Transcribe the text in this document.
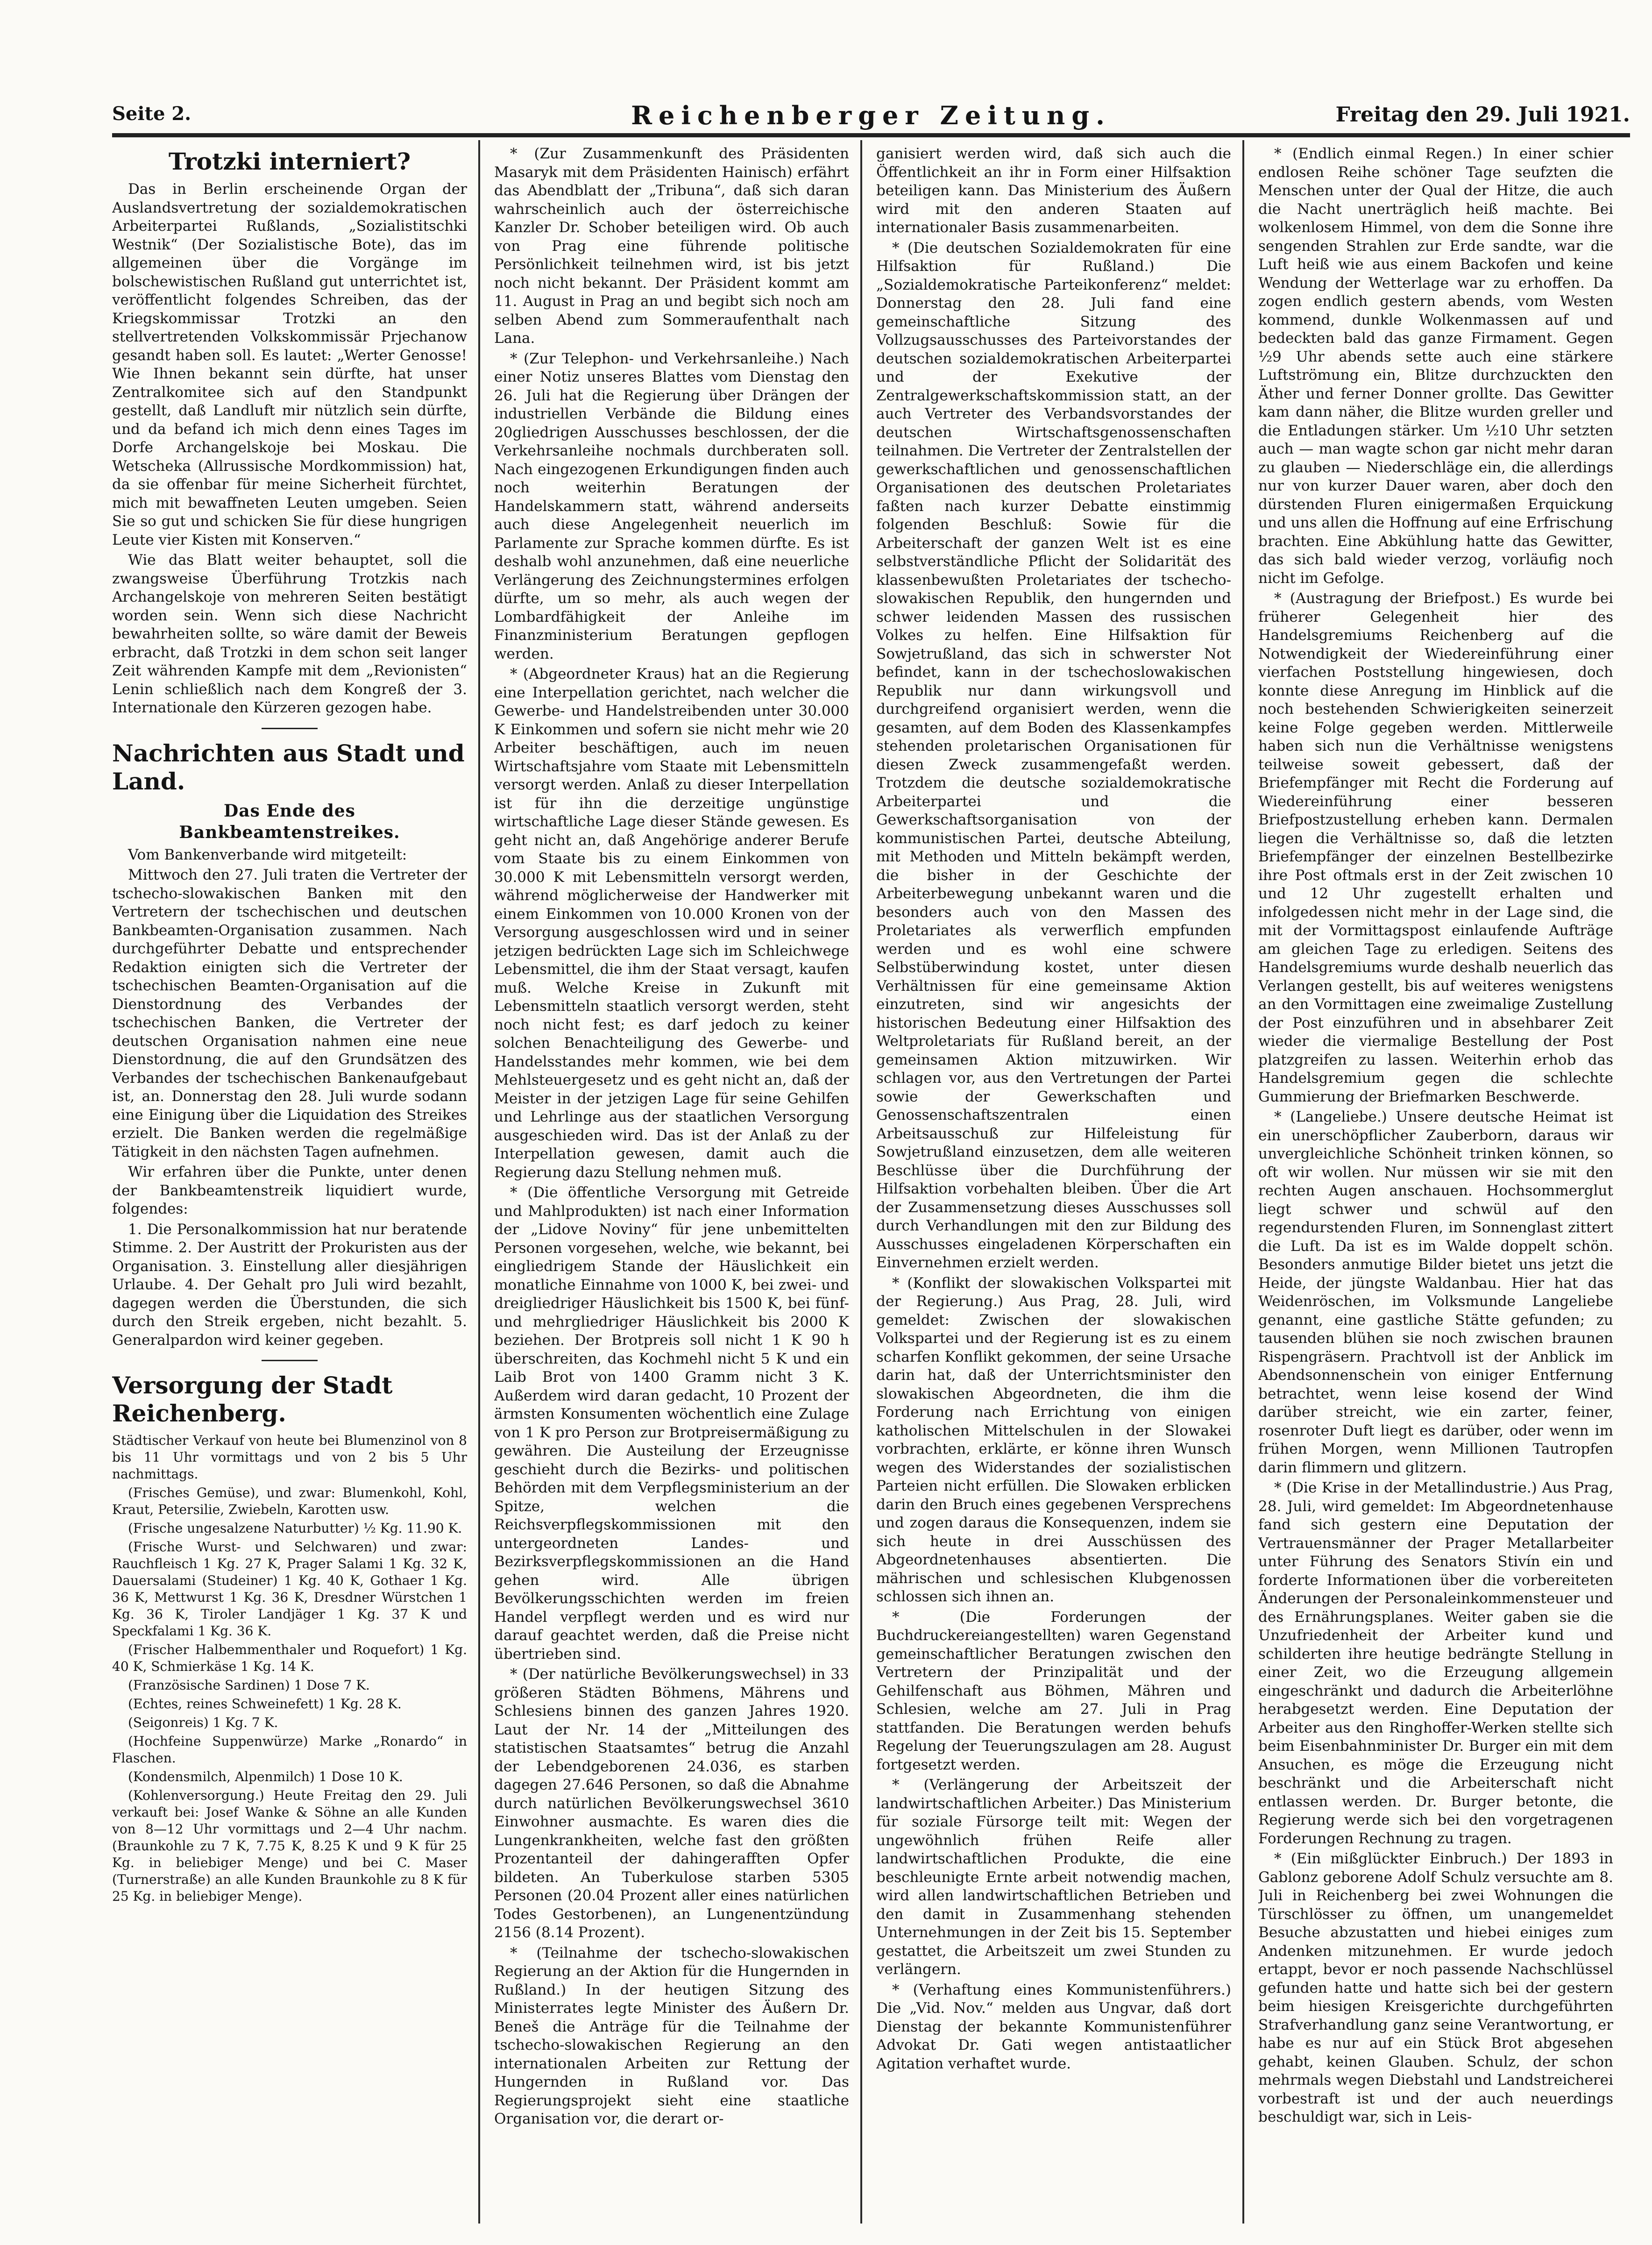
Seite 2.	Reichenberger Zeitung.	Freitag den 29. Juli 1921.
Trotzki interniert?

Das in Berlin erscheinende Organ der Auslandsvertretung der sozialdemokratischen Arbeiterpartei Rußlands, „Sozialistitschki Westnik“ (Der Sozialistische Bote), das im allgemeinen über die Vorgänge im bolschewistischen Rußland gut unterrichtet ist, veröffentlicht folgendes Schreiben, das der Kriegskommissar Trotzki an den stellvertretenden Volkskommissär Prjechanow gesandt haben soll. Es lautet: „Werter Genosse! Wie Ihnen bekannt sein dürfte, hat unser Zentralkomitee sich auf den Standpunkt gestellt, daß Landluft mir nützlich sein dürfte, und da befand ich mich denn eines Tages im Dorfe Archangelskoje bei Moskau. Die Wetscheka (Allrussische Mordkommission) hat, da sie offenbar für meine Sicherheit fürchtet, mich mit bewaffneten Leuten umgeben. Seien Sie so gut und schicken Sie für diese hungrigen Leute vier Kisten mit Konserven.“

Wie das Blatt weiter behauptet, soll die zwangsweise Überführung Trotzkis nach Archangelskoje von mehreren Seiten bestätigt worden sein. Wenn sich diese Nachricht bewahrheiten sollte, so wäre damit der Beweis erbracht, daß Trotzki in dem schon seit langer Zeit währenden Kampfe mit dem „Revionisten“ Lenin schließlich nach dem Kongreß der 3. Internationale den Kürzeren gezogen habe.

Nachrichten aus Stadt und Land.
Das Ende des Bankbeamtenstreikes.

Vom Bankenverbande wird mitgeteilt:

Mittwoch den 27. Juli traten die Vertreter der tschecho-slowakischen Banken mit den Vertretern der tschechischen und deutschen Bankbeamten-Organisation zusammen. Nach durchgeführter Debatte und entsprechender Redaktion einigten sich die Vertreter der tschechischen Beamten-Organisation auf die Dienstordnung des Verbandes der tschechischen Banken, die Vertreter der deutschen Organisation nahmen eine neue Dienstordnung, die auf den Grundsätzen des Verbandes der tschechischen Bankenaufgebaut ist, an. Donnerstag den 28. Juli wurde sodann eine Einigung über die Liquidation des Streikes erzielt. Die Banken werden die regelmäßige Tätigkeit in den nächsten Tagen aufnehmen.

Wir erfahren über die Punkte, unter denen der Bankbeamtenstreik liquidiert wurde, folgendes:

1. Die Personalkommission hat nur beratende Stimme. 2. Der Austritt der Prokuristen aus der Organisation. 3. Einstellung aller diesjährigen Urlaube. 4. Der Gehalt pro Juli wird bezahlt, dagegen werden die Überstunden, die sich durch den Streik ergeben, nicht bezahlt. 5. Generalpardon wird keiner gegeben.

Versorgung der Stadt Reichenberg.

Städtischer Verkauf von heute bei Blumenzinol von 8 bis 11 Uhr vormittags und von 2 bis 5 Uhr nachmittags.

(Frisches Gemüse), und zwar: Blumenkohl, Kohl, Kraut, Petersilie, Zwiebeln, Karotten usw.

(Frische ungesalzene Naturbutter) ½ Kg. 11.90 K.

(Frische Wurst- und Selchwaren) und zwar: Rauchfleisch 1 Kg. 27 K, Prager Salami 1 Kg. 32 K, Dauersalami (Studeiner) 1 Kg. 40 K, Gothaer 1 Kg. 36 K, Mettwurst 1 Kg. 36 K, Dresdner Würstchen 1 Kg. 36 K, Tiroler Landjäger 1 Kg. 37 K und Speckfalami 1 Kg. 36 K.

(Frischer Halbemmenthaler und Roquefort) 1 Kg. 40 K, Schmierkäse 1 Kg. 14 K.

(Französische Sardinen) 1 Dose 7 K.

(Echtes, reines Schweinefett) 1 Kg. 28 K.

(Seigonreis) 1 Kg. 7 K.

(Hochfeine Suppenwürze) Marke „Ronardo“ in Flaschen.

(Kondensmilch, Alpenmilch) 1 Dose 10 K.

(Kohlenversorgung.) Heute Freitag den 29. Juli verkauft bei: Josef Wanke & Söhne an alle Kunden von 8—12 Uhr vormittags und 2—4 Uhr nachm. (Braunkohle zu 7 K, 7.75 K, 8.25 K und 9 K für 25 Kg. in beliebiger Menge) und bei C. Maser (Turnerstraße) an alle Kunden Braunkohle zu 8 K für 25 Kg. in beliebiger Menge).

* (Zur Zusammenkunft des Präsidenten Masaryk mit dem Präsidenten Hainisch) erfährt das Abendblatt der „Tribuna“, daß sich daran wahrscheinlich auch der österreichische Kanzler Dr. Schober beteiligen wird. Ob auch von Prag eine führende politische Persönlichkeit teilnehmen wird, ist bis jetzt noch nicht bekannt. Der Präsident kommt am 11. August in Prag an und begibt sich noch am selben Abend zum Sommeraufenthalt nach Lana.

* (Zur Telephon- und Verkehrsanleihe.) Nach einer Notiz unseres Blattes vom Dienstag den 26. Juli hat die Regierung über Drängen der industriellen Verbände die Bildung eines 20gliedrigen Ausschusses beschlossen, der die Verkehrsanleihe nochmals durchberaten soll. Nach eingezogenen Erkundigungen finden auch noch weiterhin Beratungen der Handelskammern statt, während anderseits auch diese Angelegenheit neuerlich im Parlamente zur Sprache kommen dürfte. Es ist deshalb wohl anzunehmen, daß eine neuerliche Verlängerung des Zeichnungstermines erfolgen dürfte, um so mehr, als auch wegen der Lombardfähigkeit der Anleihe im Finanzministerium Beratungen gepflogen werden.

* (Abgeordneter Kraus) hat an die Regierung eine Interpellation gerichtet, nach welcher die Gewerbe- und Handelstreibenden unter 30.000 K Einkommen und sofern sie nicht mehr wie 20 Arbeiter beschäftigen, auch im neuen Wirtschaftsjahre vom Staate mit Lebensmitteln versorgt werden. Anlaß zu dieser Interpellation ist für ihn die derzeitige ungünstige wirtschaftliche Lage dieser Stände gewesen. Es geht nicht an, daß Angehörige anderer Berufe vom Staate bis zu einem Einkommen von 30.000 K mit Lebensmitteln versorgt werden, während möglicherweise der Handwerker mit einem Einkommen von 10.000 Kronen von der Versorgung ausgeschlossen wird und in seiner jetzigen bedrückten Lage sich im Schleichwege Lebensmittel, die ihm der Staat versagt, kaufen muß. Welche Kreise in Zukunft mit Lebensmitteln staatlich versorgt werden, steht noch nicht fest; es darf jedoch zu keiner solchen Benachteiligung des Gewerbe- und Handelsstandes mehr kommen, wie bei dem Mehlsteuergesetz und es geht nicht an, daß der Meister in der jetzigen Lage für seine Gehilfen und Lehrlinge aus der staatlichen Versorgung ausgeschieden wird. Das ist der Anlaß zu der Interpellation gewesen, damit auch die Regierung dazu Stellung nehmen muß.

* (Die öffentliche Versorgung mit Getreide und Mahlprodukten) ist nach einer Information der „Lidove Noviny“ für jene unbemittelten Personen vorgesehen, welche, wie bekannt, bei eingliedrigem Stande der Häuslichkeit ein monatliche Einnahme von 1000 K, bei zwei- und dreigliedriger Häuslichkeit bis 1500 K, bei fünf- und mehrgliedriger Häuslichkeit bis 2000 K beziehen. Der Brotpreis soll nicht 1 K 90 h überschreiten, das Kochmehl nicht 5 K und ein Laib Brot von 1400 Gramm nicht 3 K. Außerdem wird daran gedacht, 10 Prozent der ärmsten Konsumenten wöchentlich eine Zulage von 1 K pro Person zur Brotpreisermäßigung zu gewähren. Die Austeilung der Erzeugnisse geschieht durch die Bezirks- und politischen Behörden mit dem Verpflegsministerium an der Spitze, welchen die Reichsverpflegskommissionen mit den untergeordneten Landes- und Bezirksverpflegskommissionen an die Hand gehen wird. Alle übrigen Bevölkerungsschichten werden im freien Handel verpflegt werden und es wird nur darauf geachtet werden, daß die Preise nicht übertrieben sind.

* (Der natürliche Bevölkerungswechsel) in 33 größeren Städten Böhmens, Mährens und Schlesiens binnen des ganzen Jahres 1920. Laut der Nr. 14 der „Mitteilungen des statistischen Staatsamtes“ betrug die Anzahl der Lebendgeborenen 24.036, es starben dagegen 27.646 Personen, so daß die Abnahme durch natürlichen Bevölkerungswechsel 3610 Einwohner ausmachte. Es waren dies die Lungenkrankheiten, welche fast den größten Prozentanteil der dahingerafften Opfer bildeten. An Tuberkulose starben 5305 Personen (20.04 Prozent aller eines natürlichen Todes Gestorbenen), an Lungenentzündung 2156 (8.14 Prozent).

* (Teilnahme der tschecho-slowakischen Regierung an der Aktion für die Hungernden in Rußland.) In der heutigen Sitzung des Ministerrates legte Minister des Äußern Dr. Beneš die Anträge für die Teilnahme der tschecho-slowakischen Regierung an den internationalen Arbeiten zur Rettung der Hungernden in Rußland vor. Das Regierungsprojekt sieht eine staatliche Organisation vor, die derart or-

ganisiert werden wird, daß sich auch die Öffentlichkeit an ihr in Form einer Hilfsaktion beteiligen kann. Das Ministerium des Äußern wird mit den anderen Staaten auf internationaler Basis zusammenarbeiten.

* (Die deutschen Sozialdemokraten für eine Hilfsaktion für Rußland.) Die „Sozialdemokratische Parteikonferenz“ meldet: Donnerstag den 28. Juli fand eine gemeinschaftliche Sitzung des Vollzugsausschusses des Parteivorstandes der deutschen sozialdemokratischen Arbeiterpartei und der Exekutive der Zentralgewerkschaftskommission statt, an der auch Vertreter des Verbandsvorstandes der deutschen Wirtschaftsgenossenschaften teilnahmen. Die Vertreter der Zentralstellen der gewerkschaftlichen und genossenschaftlichen Organisationen des deutschen Proletariates faßten nach kurzer Debatte einstimmig folgenden Beschluß: Sowie für die Arbeiterschaft der ganzen Welt ist es eine selbstverständliche Pflicht der Solidarität des klassenbewußten Proletariates der tschecho-slowakischen Republik, den hungernden und schwer leidenden Massen des russischen Volkes zu helfen. Eine Hilfsaktion für Sowjetrußland, das sich in schwerster Not befindet, kann in der tschechoslowakischen Republik nur dann wirkungsvoll und durchgreifend organisiert werden, wenn die gesamten, auf dem Boden des Klassenkampfes stehenden proletarischen Organisationen für diesen Zweck zusammengefaßt werden. Trotzdem die deutsche sozialdemokratische Arbeiterpartei und die Gewerkschaftsorganisation von der kommunistischen Partei, deutsche Abteilung, mit Methoden und Mitteln bekämpft werden, die bisher in der Geschichte der Arbeiterbewegung unbekannt waren und die besonders auch von den Massen des Proletariates als verwerflich empfunden werden und es wohl eine schwere Selbstüberwindung kostet, unter diesen Verhältnissen für eine gemeinsame Aktion einzutreten, sind wir angesichts der historischen Bedeutung einer Hilfsaktion des Weltproletariats für Rußland bereit, an der gemeinsamen Aktion mitzuwirken. Wir schlagen vor, aus den Vertretungen der Partei sowie der Gewerkschaften und Genossenschaftszentralen einen Arbeitsausschuß zur Hilfeleistung für Sowjetrußland einzusetzen, dem alle weiteren Beschlüsse über die Durchführung der Hilfsaktion vorbehalten bleiben. Über die Art der Zusammensetzung dieses Ausschusses soll durch Verhandlungen mit den zur Bildung des Ausschusses eingeladenen Körperschaften ein Einvernehmen erzielt werden.

* (Konflikt der slowakischen Volkspartei mit der Regierung.) Aus Prag, 28. Juli, wird gemeldet: Zwischen der slowakischen Volkspartei und der Regierung ist es zu einem scharfen Konflikt gekommen, der seine Ursache darin hat, daß der Unterrichtsminister den slowakischen Abgeordneten, die ihm die Forderung nach Errichtung von einigen katholischen Mittelschulen in der Slowakei vorbrachten, erklärte, er könne ihren Wunsch wegen des Widerstandes der sozialistischen Parteien nicht erfüllen. Die Slowaken erblicken darin den Bruch eines gegebenen Versprechens und zogen daraus die Konsequenzen, indem sie sich heute in drei Ausschüssen des Abgeordnetenhauses absentierten. Die mährischen und schlesischen Klubgenossen schlossen sich ihnen an.

* (Die Forderungen der Buchdruckereiangestellten) waren Gegenstand gemeinschaftlicher Beratungen zwischen den Vertretern der Prinzipalität und der Gehilfenschaft aus Böhmen, Mähren und Schlesien, welche am 27. Juli in Prag stattfanden. Die Beratungen werden behufs Regelung der Teuerungszulagen am 28. August fortgesetzt werden.

* (Verlängerung der Arbeitszeit der landwirtschaftlichen Arbeiter.) Das Ministerium für soziale Fürsorge teilt mit: Wegen der ungewöhnlich frühen Reife aller landwirtschaftlichen Produkte, die eine beschleunigte Ernte arbeit notwendig machen, wird allen landwirtschaftlichen Betrieben und den damit in Zusammenhang stehenden Unternehmungen in der Zeit bis 15. September gestattet, die Arbeitszeit um zwei Stunden zu verlängern.

* (Verhaftung eines Kommunistenführers.) Die „Vid. Nov.“ melden aus Ungvar, daß dort Dienstag der bekannte Kommunistenführer Advokat Dr. Gati wegen antistaatlicher Agitation verhaftet wurde.

* (Endlich einmal Regen.) In einer schier endlosen Reihe schöner Tage seufzten die Menschen unter der Qual der Hitze, die auch die Nacht unerträglich heiß machte. Bei wolkenlosem Himmel, von dem die Sonne ihre sengenden Strahlen zur Erde sandte, war die Luft heiß wie aus einem Backofen und keine Wendung der Wetterlage war zu erhoffen. Da zogen endlich gestern abends, vom Westen kommend, dunkle Wolkenmassen auf und bedeckten bald das ganze Firmament. Gegen ½9 Uhr abends sette auch eine stärkere Luftströmung ein, Blitze durchzuckten den Äther und ferner Donner grollte. Das Gewitter kam dann näher, die Blitze wurden greller und die Entladungen stärker. Um ½10 Uhr setzten auch — man wagte schon gar nicht mehr daran zu glauben — Niederschläge ein, die allerdings nur von kurzer Dauer waren, aber doch den dürstenden Fluren einigermaßen Erquickung und uns allen die Hoffnung auf eine Erfrischung brachten. Eine Abkühlung hatte das Gewitter, das sich bald wieder verzog, vorläufig noch nicht im Gefolge.

* (Austragung der Briefpost.) Es wurde bei früherer Gelegenheit hier des Handelsgremiums Reichenberg auf die Notwendigkeit der Wiedereinführung einer vierfachen Poststellung hingewiesen, doch konnte diese Anregung im Hinblick auf die noch bestehenden Schwierigkeiten seinerzeit keine Folge gegeben werden. Mittlerweile haben sich nun die Verhältnisse wenigstens teilweise soweit gebessert, daß der Briefempfänger mit Recht die Forderung auf Wiedereinführung einer besseren Briefpostzustellung erheben kann. Dermalen liegen die Verhältnisse so, daß die letzten Briefempfänger der einzelnen Bestellbezirke ihre Post oftmals erst in der Zeit zwischen 10 und 12 Uhr zugestellt erhalten und infolgedessen nicht mehr in der Lage sind, die mit der Vormittagspost einlaufende Aufträge am gleichen Tage zu erledigen. Seitens des Handelsgremiums wurde deshalb neuerlich das Verlangen gestellt, bis auf weiteres wenigstens an den Vormittagen eine zweimalige Zustellung der Post einzuführen und in absehbarer Zeit wieder die viermalige Bestellung der Post platzgreifen zu lassen. Weiterhin erhob das Handelsgremium gegen die schlechte Gummierung der Briefmarken Beschwerde.

* (Langeliebe.) Unsere deutsche Heimat ist ein unerschöpflicher Zauberborn, daraus wir unvergleichliche Schönheit trinken können, so oft wir wollen. Nur müssen wir sie mit den rechten Augen anschauen. Hochsommerglut liegt schwer und schwül auf den regendurstenden Fluren, im Sonnenglast zittert die Luft. Da ist es im Walde doppelt schön. Besonders anmutige Bilder bietet uns jetzt die Heide, der jüngste Waldanbau. Hier hat das Weidenröschen, im Volksmunde Langeliebe genannt, eine gastliche Stätte gefunden; zu tausenden blühen sie noch zwischen braunen Rispengräsern. Prachtvoll ist der Anblick im Abendsonnenschein von einiger Entfernung betrachtet, wenn leise kosend der Wind darüber streicht, wie ein zarter, feiner, rosenroter Duft liegt es darüber, oder wenn im frühen Morgen, wenn Millionen Tautropfen darin flimmern und glitzern.

* (Die Krise in der Metallindustrie.) Aus Prag, 28. Juli, wird gemeldet: Im Abgeordnetenhause fand sich gestern eine Deputation der Vertrauensmänner der Prager Metallarbeiter unter Führung des Senators Stivín ein und forderte Informationen über die vorbereiteten Änderungen der Personaleinkommensteuer und des Ernährungsplanes. Weiter gaben sie die Unzufriedenheit der Arbeiter kund und schilderten ihre heutige bedrängte Stellung in einer Zeit, wo die Erzeugung allgemein eingeschränkt und dadurch die Arbeiterlöhne herabgesetzt werden. Eine Deputation der Arbeiter aus den Ringhoffer-Werken stellte sich beim Eisenbahnminister Dr. Burger ein mit dem Ansuchen, es möge die Erzeugung nicht beschränkt und die Arbeiterschaft nicht entlassen werden. Dr. Burger betonte, die Regierung werde sich bei den vorgetragenen Forderungen Rechnung zu tragen.

* (Ein mißglückter Einbruch.) Der 1893 in Gablonz geborene Adolf Schulz versuchte am 8. Juli in Reichenberg bei zwei Wohnungen die Türschlösser zu öffnen, um unangemeldet Besuche abzustatten und hiebei einiges zum Andenken mitzunehmen. Er wurde jedoch ertappt, bevor er noch passende Nachschlüssel gefunden hatte und hatte sich bei der gestern beim hiesigen Kreisgerichte durchgeführten Strafverhandlung ganz seine Verantwortung, er habe es nur auf ein Stück Brot abgesehen gehabt, keinen Glauben. Schulz, der schon mehrmals wegen Diebstahl und Landstreicherei vorbestraft ist und der auch neuerdings beschuldigt war, sich in Leis-
